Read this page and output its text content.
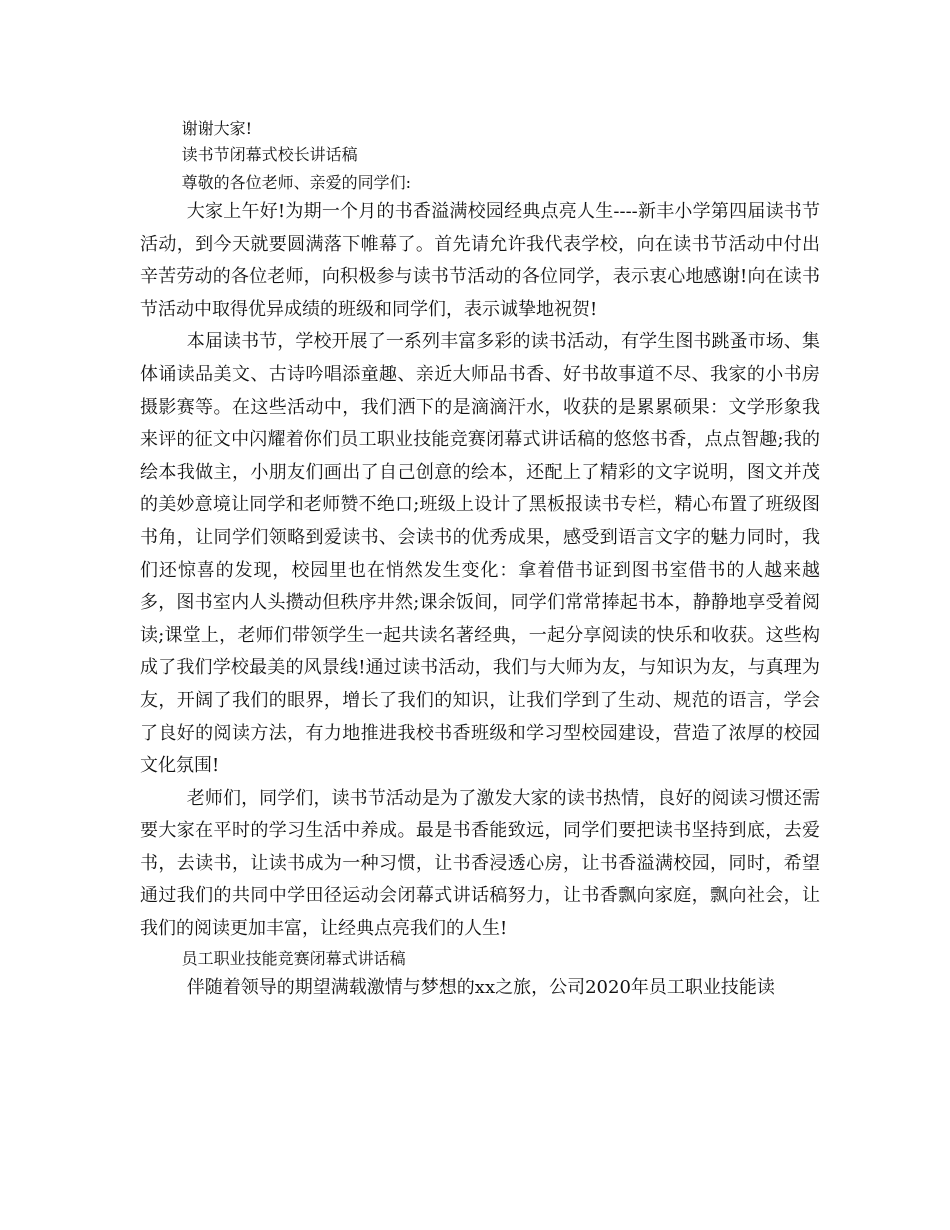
谢谢大家!

读书节闭幕式校长讲话稿

尊敬的各位老师、亲爱的同学们:

大家上午好!为期一个月的书香溢满校园经典点亮人生----新丰小学第四届读书节活动，到今天就要圆满落下帷幕了。首先请允许我代表学校，向在读书节活动中付出辛苦劳动的各位老师，向积极参与读书节活动的各位同学，表示衷心地感谢!向在读书节活动中取得优异成绩的班级和同学们，表示诚挚地祝贺!

本届读书节，学校开展了一系列丰富多彩的读书活动，有学生图书跳蚤市场、集体诵读品美文、古诗吟唱添童趣、亲近大师品书香、好书故事道不尽、我家的小书房摄影赛等。在这些活动中，我们洒下的是滴滴汗水，收获的是累累硕果：文学形象我来评的征文中闪耀着你们员工职业技能竞赛闭幕式讲话稿的悠悠书香，点点智趣;我的绘本我做主，小朋友们画出了自己创意的绘本，还配上了精彩的文字说明，图文并茂的美妙意境让同学和老师赞不绝口;班级上设计了黑板报读书专栏，精心布置了班级图书角，让同学们领略到爱读书、会读书的优秀成果，感受到语言文字的魅力同时，我们还惊喜的发现，校园里也在悄然发生变化：拿着借书证到图书室借书的人越来越多，图书室内人头攒动但秩序井然;课余饭间，同学们常常捧起书本，静静地享受着阅读;课堂上，老师们带领学生一起共读名著经典，一起分享阅读的快乐和收获。这些构成了我们学校最美的风景线!通过读书活动，我们与大师为友，与知识为友，与真理为友，开阔了我们的眼界，增长了我们的知识，让我们学到了生动、规范的语言，学会了良好的阅读方法，有力地推进我校书香班级和学习型校园建设，营造了浓厚的校园文化氛围!

老师们，同学们，读书节活动是为了激发大家的读书热情，良好的阅读习惯还需要大家在平时的学习生活中养成。最是书香能致远，同学们要把读书坚持到底，去爱书，去读书，让读书成为一种习惯，让书香浸透心房，让书香溢满校园，同时，希望通过我们的共同中学田径运动会闭幕式讲话稿努力，让书香飘向家庭，飘向社会，让我们的阅读更加丰富，让经典点亮我们的人生!

员工职业技能竞赛闭幕式讲话稿

伴随着领导的期望满载激情与梦想的xx之旅，公司2020年员工职业技能读
